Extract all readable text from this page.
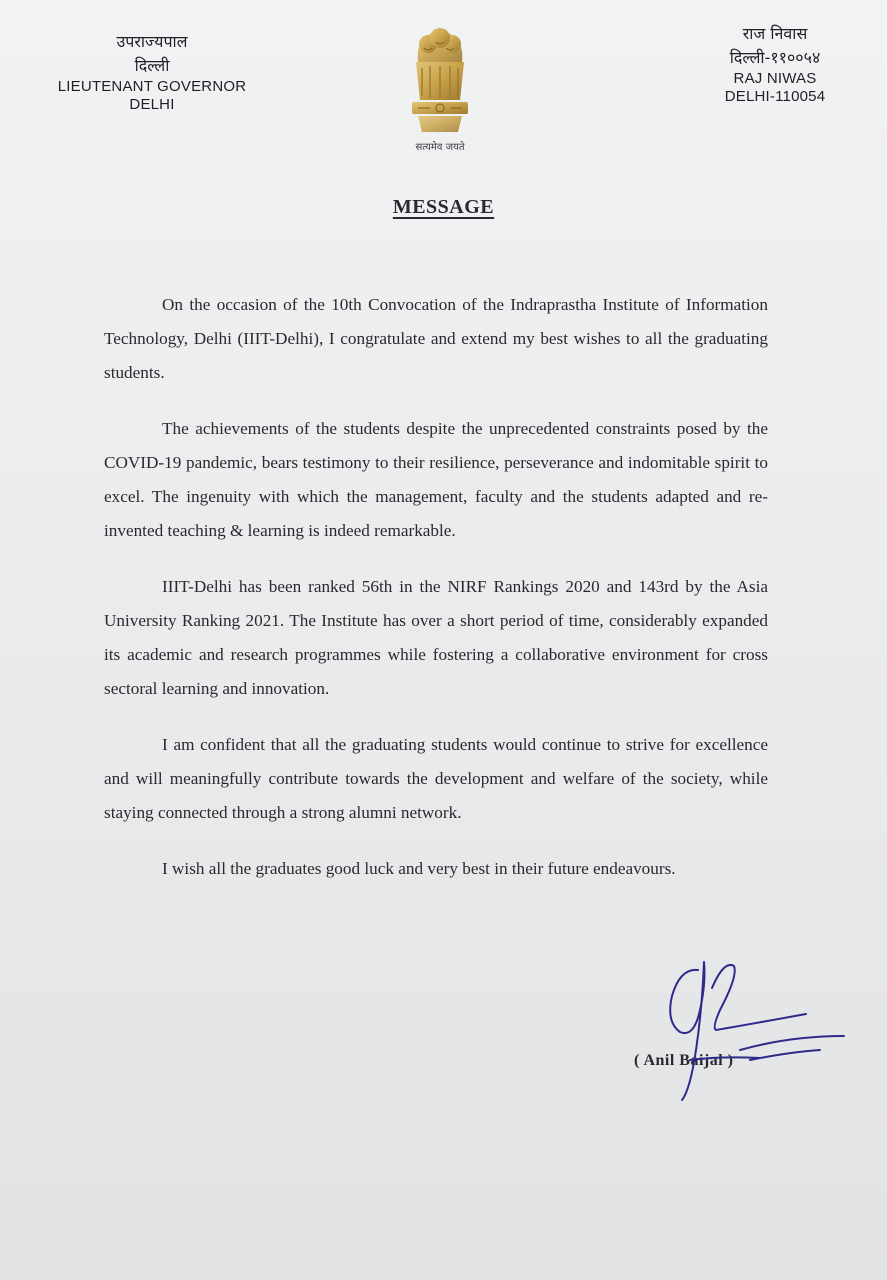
उपराज्यपाल
दिल्ली
LIEUTENANT GOVERNOR
DELHI
सत्यमेव जयते
राज निवास
दिल्ली-११००५४
RAJ NIWAS
DELHI-110054
MESSAGE

On the occasion of the 10th Convocation of the Indraprastha Institute of Information Technology, Delhi (IIIT-Delhi), I congratulate and extend my best wishes to all the graduating students.

The achievements of the students despite the unprecedented constraints posed by the COVID-19 pandemic, bears testimony to their resilience, perseverance and indomitable spirit to excel. The ingenuity with which the management, faculty and the students adapted and re-invented teaching & learning is indeed remarkable.

IIIT-Delhi has been ranked 56th in the NIRF Rankings 2020 and 143rd by the Asia University Ranking 2021. The Institute has over a short period of time, considerably expanded its academic and research programmes while fostering a collaborative environment for cross sectoral learning and innovation.

I am confident that all the graduating students would continue to strive for excellence and will meaningfully contribute towards the development and welfare of the society, while staying connected through a strong alumni network.

I wish all the graduates good luck and very best in their future endeavours.

( Anil Baijal )
